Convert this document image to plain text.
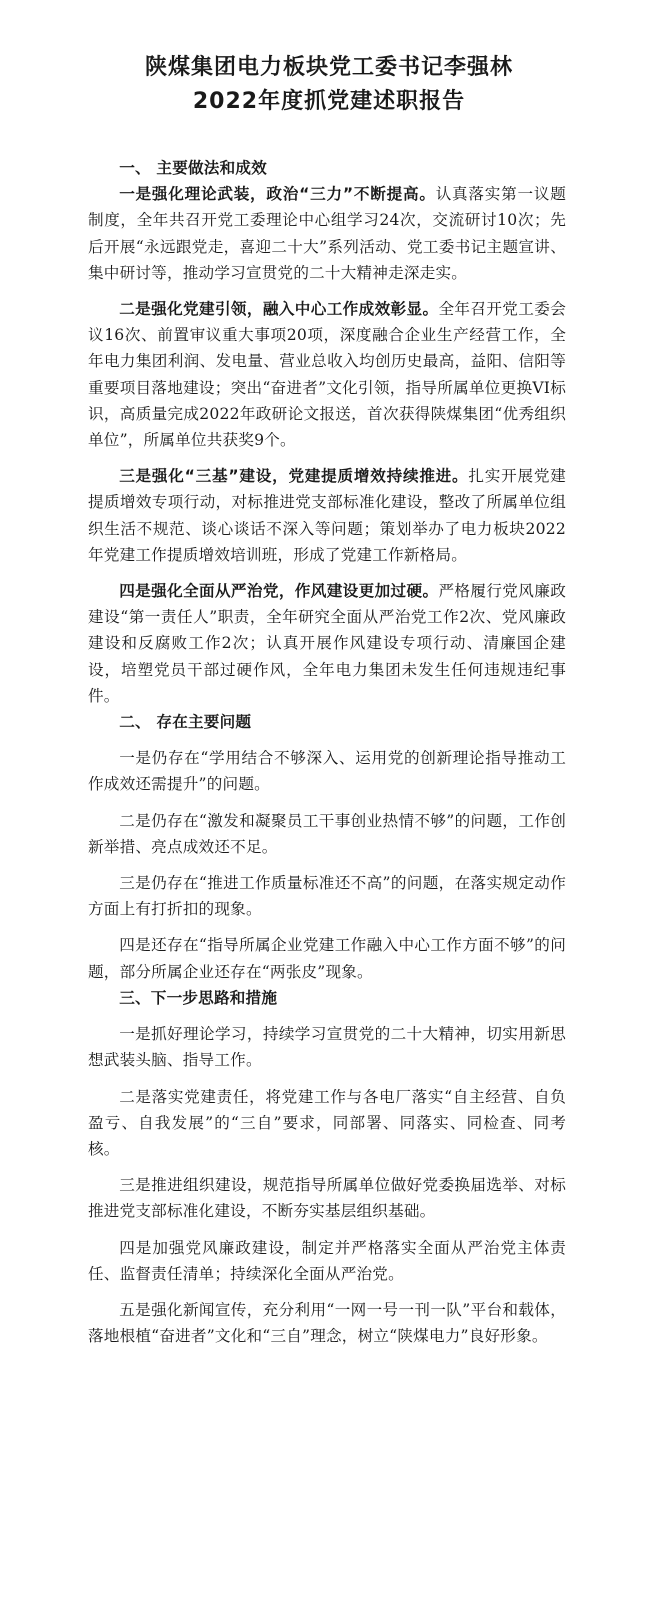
陕煤集团电力板块党工委书记李强林
2022年度抓党建述职报告
一、 主要做法和成效

一是强化理论武装，政治“三力”不断提高。认真落实第一议题制度，全年共召开党工委理论中心组学习24次，交流研讨10次；先后开展“永远跟党走，喜迎二十大”系列活动、党工委书记主题宣讲、集中研讨等，推动学习宣贯党的二十大精神走深走实。

二是强化党建引领，融入中心工作成效彰显。全年召开党工委会议16次、前置审议重大事项20项，深度融合企业生产经营工作，全年电力集团利润、发电量、营业总收入均创历史最高，益阳、信阳等重要项目落地建设；突出“奋进者”文化引领，指导所属单位更换VI标识，高质量完成2022年政研论文报送，首次获得陕煤集团“优秀组织单位”，所属单位共获奖9个。

三是强化“三基”建设，党建提质增效持续推进。扎实开展党建提质增效专项行动，对标推进党支部标准化建设，整改了所属单位组织生活不规范、谈心谈话不深入等问题；策划举办了电力板块2022年党建工作提质增效培训班，形成了党建工作新格局。

四是强化全面从严治党，作风建设更加过硬。严格履行党风廉政建设“第一责任人”职责，全年研究全面从严治党工作2次、党风廉政建设和反腐败工作2次；认真开展作风建设专项行动、清廉国企建设，培塑党员干部过硬作风，全年电力集团未发生任何违规违纪事件。

二、 存在主要问题

一是仍存在“学用结合不够深入、运用党的创新理论指导推动工作成效还需提升”的问题。

二是仍存在“激发和凝聚员工干事创业热情不够”的问题，工作创新举措、亮点成效还不足。

三是仍存在“推进工作质量标准还不高”的问题，在落实规定动作方面上有打折扣的现象。

四是还存在“指导所属企业党建工作融入中心工作方面不够”的问题，部分所属企业还存在“两张皮”现象。

三、下一步思路和措施

一是抓好理论学习，持续学习宣贯党的二十大精神，切实用新思想武装头脑、指导工作。

二是落实党建责任，将党建工作与各电厂落实“自主经营、自负盈亏、自我发展”的“三自”要求，同部署、同落实、同检查、同考核。

三是推进组织建设，规范指导所属单位做好党委换届选举、对标推进党支部标准化建设，不断夯实基层组织基础。

四是加强党风廉政建设，制定并严格落实全面从严治党主体责任、监督责任清单；持续深化全面从严治党。

五是强化新闻宣传，充分利用“一网一号一刊一队”平台和载体，落地根植“奋进者”文化和“三自”理念，树立“陕煤电力”良好形象。
